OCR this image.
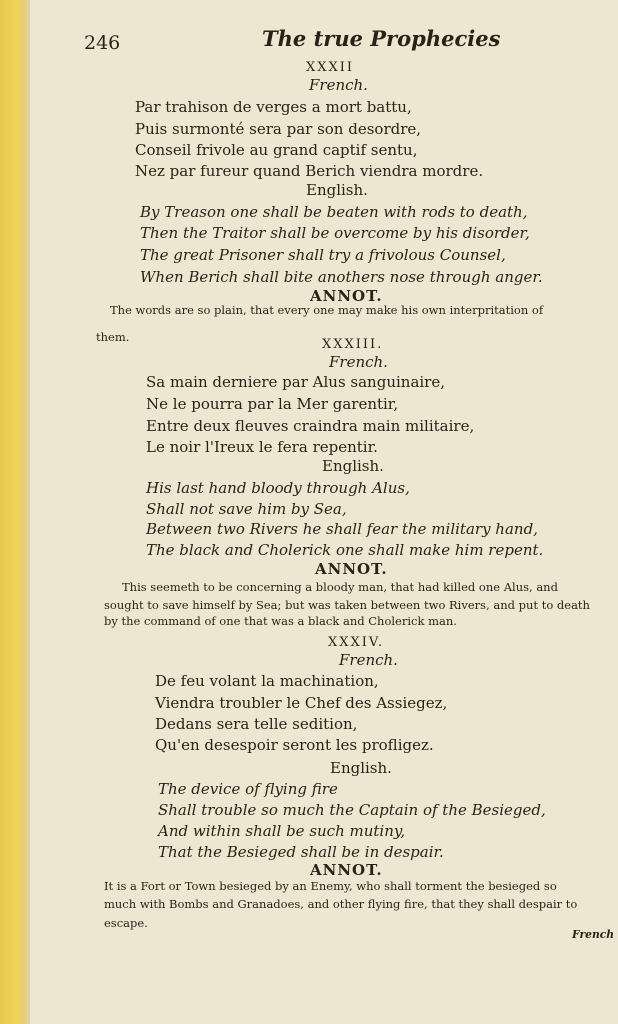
246	The true Prophecies
XXXII
French.
Par trahison de verges a mort battu,
Puis surmonté sera par son desordre,
Conseil frivole au grand captif sentu,
Nez par fureur quand Berich viendra mordre.
English.
By Treason one shall be beaten with rods to death,
Then the Traitor shall be overcome by his disorder,
The great Prisoner shall try a frivolous Counsel,
When Berich shall bite anothers nose through anger.
ANNOT.
The words are so plain, that every one may make his own interpritation of
them.	XXXIII.
French.
Sa main derniere par Alus sanguinaire,
Ne le pourra par la Mer garentir,
Entre deux fleuves craindra main militaire,
Le noir l'Ireux le fera repentir.
English.
His last hand bloody through Alus,
Shall not save him by Sea,
Between two Rivers he shall fear the military hand,
The black and Cholerick one shall make him repent.
ANNOT.
This seemeth to be concerning a bloody man, that had killed one Alus, and
sought to save himself by Sea; but was taken between two Rivers, and put to death
by the command of one that was a black and Cholerick man.
XXXIV.
French.
De feu volant la machination,
Viendra troubler le Chef des Assiegez,
Dedans sera telle sedition,
Qu'en desespoir seront les profligez.
English.
The device of flying fire
Shall trouble so much the Captain of the Besieged,
And within shall be such mutiny,
That the Besieged shall be in despair.
ANNOT.
It is a Fort or Town besieged by an Enemy, who shall torment the besieged so
much with Bombs and Granadoes, and other flying fire, that they shall despair to
escape.
French
